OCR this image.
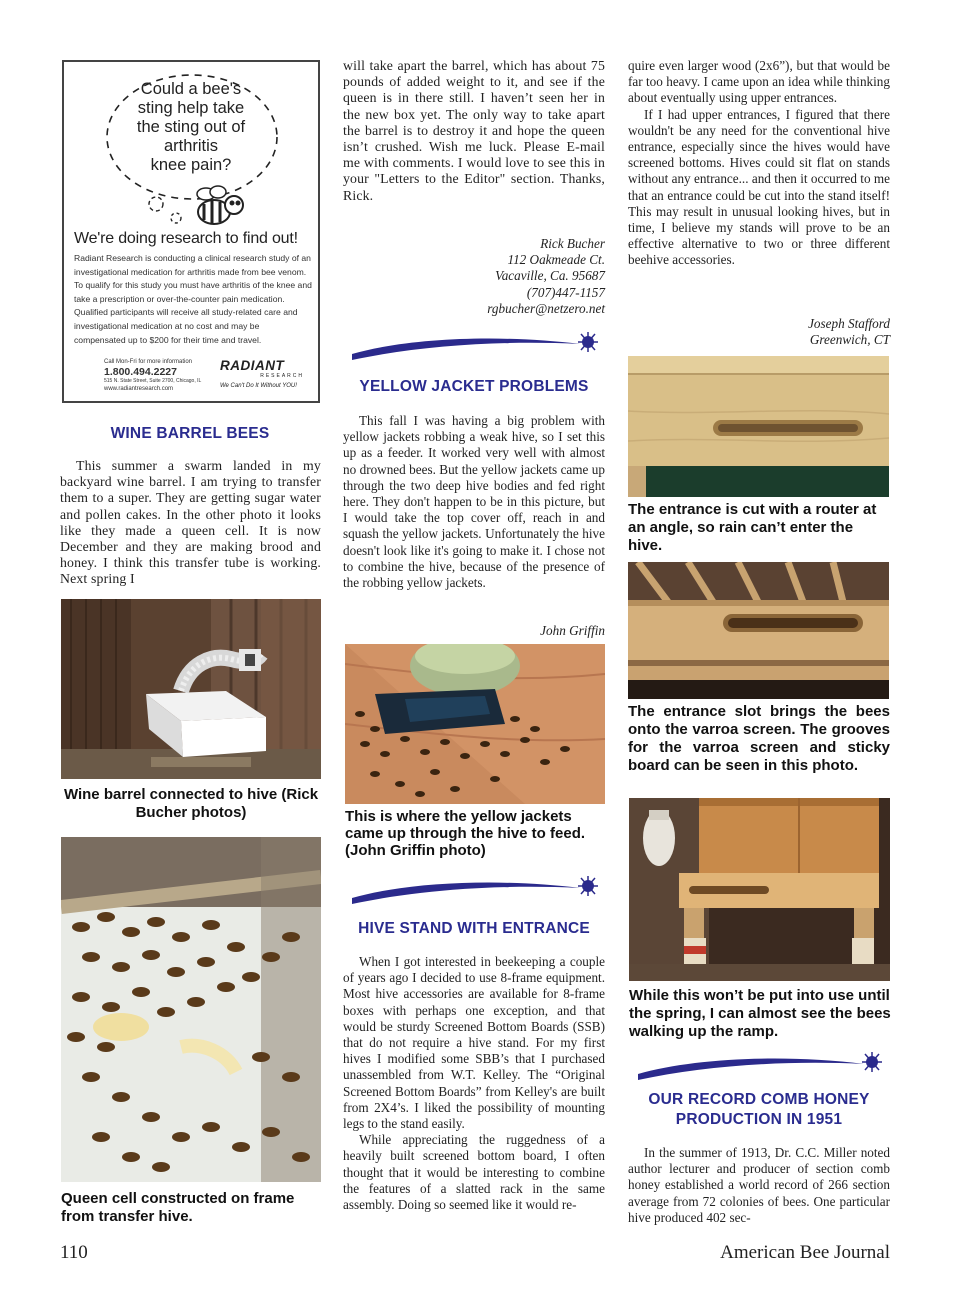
Could a bee's
sting help take
the sting out of
arthritis
knee pain?
We're doing research to find out!
Radiant Research is conducting a clinical research study of an investigational medication for arthritis made from bee venom. To qualify for this study you must have arthritis of the knee and take a prescription or over-the-counter pain medication. Qualified participants will receive all study-related care and investigational medication at no cost and may be compensated up to $200 for their time and travel.
Call Mon-Fri for more information
1.800.494.2227
515 N. State Street, Suite 2700, Chicago, IL
www.radiantresearch.com
RADIANT
RESEARCH
We Can't Do It Without YOU!
WINE BARREL BEES

This summer a swarm landed in my backyard wine barrel. I am trying to transfer them to a super. They are getting sugar water and pollen cakes. In the other photo it looks like they made a queen cell. It is now December and they are making brood and honey. I think this transfer tube is working. Next spring I

Wine barrel connected to hive (Rick Bucher photos)
Queen cell constructed on frame from transfer hive.

will take apart the barrel, which has about 75 pounds of added weight to it, and see if the queen is in there still. I haven’t seen her in the new box yet. The only way to take apart the barrel is to destroy it and hope the queen isn’t crushed. Wish me luck. Please E-mail me with comments. I would love to see this in your "Letters to the Editor" section. Thanks, Rick.

Rick Bucher
112 Oakmeade Ct.
Vacaville, Ca. 95687
(707)447-1157
rgbucher@netzero.net
YELLOW JACKET PROBLEMS

This fall I was having a big problem with yellow jackets robbing a weak hive, so I set this up as a feeder. It worked very well with almost no drowned bees. But the yellow jackets came up through the two deep hive bodies and fed right here. They don't happen to be in this picture, but I would take the top cover off, reach in and squash the yellow jackets. Unfortunately the hive doesn't look like it's going to make it. I chose not to combine the hive, because of the presence of the robbing yellow jackets.

John Griffin
This is where the yellow jackets came up through the hive to feed. (John Griffin photo)
HIVE STAND WITH ENTRANCE

When I got interested in beekeeping a couple of years ago I decided to use 8-frame equipment. Most hive accessories are available for 8-frame boxes with perhaps one exception, and that would be sturdy Screened Bottom Boards (SSB) that do not require a hive stand. For my first hives I modified some SBB’s that I purchased unassembled from W.T. Kelley. The “Original Screened Bottom Boards” from Kelley's are built from 2X4’s. I liked the possibility of mounting legs to the stand easily.

While appreciating the ruggedness of a heavily built screened bottom board, I often thought that it would be interesting to combine the features of a slatted rack in the same assembly. Doing so seemed like it would re-

quire even larger wood (2x6”), but that would be far too heavy. I came upon an idea while thinking about eventually using upper entrances.

If I had upper entrances, I figured that there wouldn't be any need for the conventional hive entrance, especially since the hives would have screened bottoms. Hives could sit flat on stands without any entrance... and then it occurred to me that an entrance could be cut into the stand itself! This may result in unusual looking hives, but in time, I believe my stands will prove to be an effective alternative to two or three different beehive accessories.

Joseph Stafford
Greenwich, CT
The entrance is cut with a router at an angle, so rain can’t enter the hive.
The entrance slot brings the bees onto the varroa screen. The grooves for the varroa screen and sticky board can be seen in this photo.
While this won’t be put into use until the spring, I can almost see the bees walking up the ramp.
OUR RECORD COMB HONEY
PRODUCTION IN 1951

In the summer of 1913, Dr. C.C. Miller noted author lecturer and producer of section comb honey established a world record of 266 section average from 72 colonies of bees. One particular hive produced 402 sec-

110	American Bee Journal
